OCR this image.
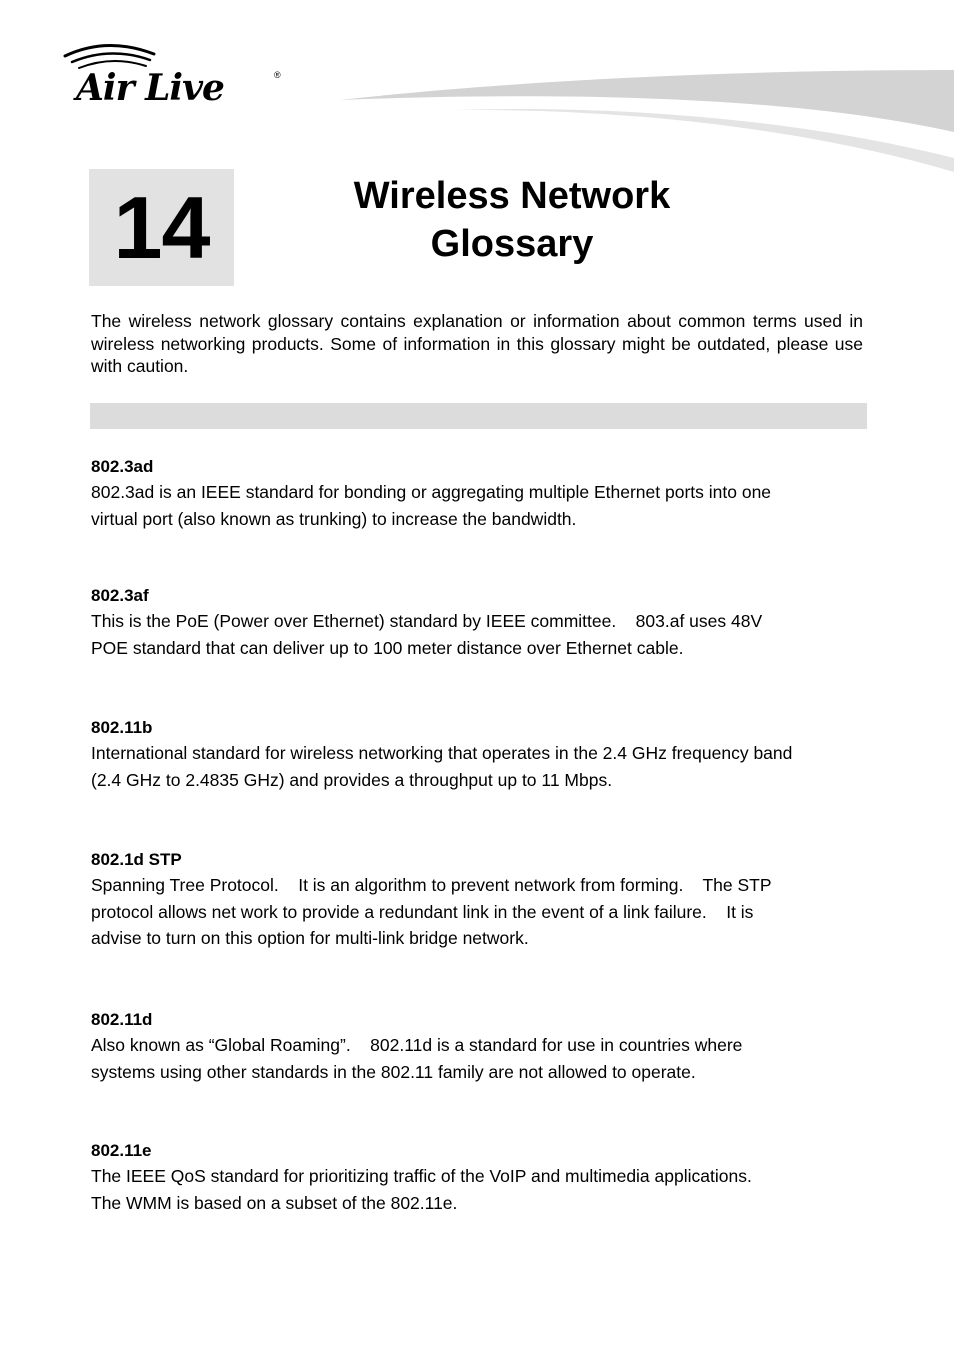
Air Live	®
14	Wireless Network
Glossary
The wireless network glossary contains explanation or information about common terms used in wireless networking products. Some of information in this glossary might be outdated, please use with caution.
802.3ad
802.3ad is an IEEE standard for bonding or aggregating multiple Ethernet ports into one
virtual port (also known as trunking) to increase the bandwidth.
802.3af
This is the PoE (Power over Ethernet) standard by IEEE committee.    803.af uses 48V
POE standard that can deliver up to 100 meter distance over Ethernet cable.
802.11b
International standard for wireless networking that operates in the 2.4 GHz frequency band
(2.4 GHz to 2.4835 GHz) and provides a throughput up to 11 Mbps.
802.1d STP
Spanning Tree Protocol.    It is an algorithm to prevent network from forming.    The STP
protocol allows net work to provide a redundant link in the event of a link failure.    It is
advise to turn on this option for multi-link bridge network.
802.11d
Also known as “Global Roaming”.    802.11d is a standard for use in countries where
systems using other standards in the 802.11 family are not allowed to operate.
802.11e
The IEEE QoS standard for prioritizing traffic of the VoIP and multimedia applications.
The WMM is based on a subset of the 802.11e.
